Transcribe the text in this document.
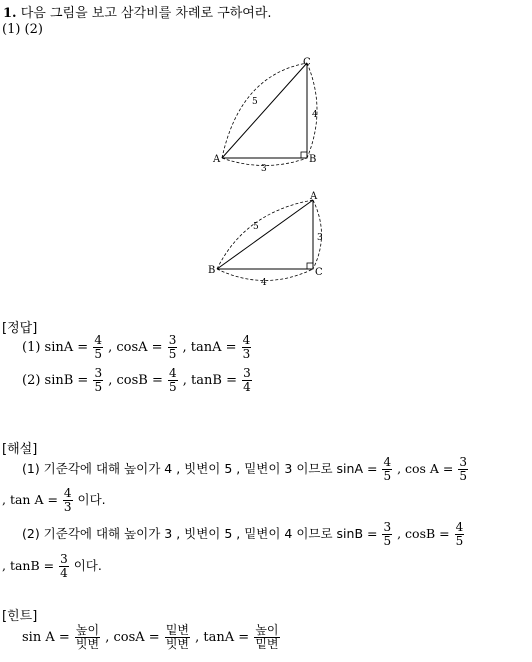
1. 다음 그림을 보고 삼각비를 차례로 구하여라.
(1) (2)
A	B
C
5
4
3
A
B	C
5
3
4
[정답]
(1) $\sin A = \frac{4}{5}$ , $\cos A = \frac{3}{5}$ , $\tan A = \frac{4}{3}$
(2) $\sin B = \frac{3}{5}$ , $\cos B = \frac{4}{5}$ , $\tan B = \frac{3}{4}$
[해설]
(1) 기준각에 대해 높이가 4 , 빗변이 5 , 밑변이 3 이므로 $\sin A = \frac{4}{5}$ , $\cos A = \frac{3}{5}$
, $\tan A = \frac{4}{3}$ 이다.
(2) 기준각에 대해 높이가 3 , 빗변이 5 , 밑변이 4 이므로 $\sin B = \frac{3}{5}$ , $\cos B = \frac{4}{5}$
, $\tan B = \frac{3}{4}$ 이다.
[힌트]
$\sin A = \frac{\text{높이}}{\text{빗변}}$ , $\cos A = \frac{\text{밑변}}{\text{빗변}}$ , $\tan A = \frac{\text{높이}}{\text{밑변}}$
